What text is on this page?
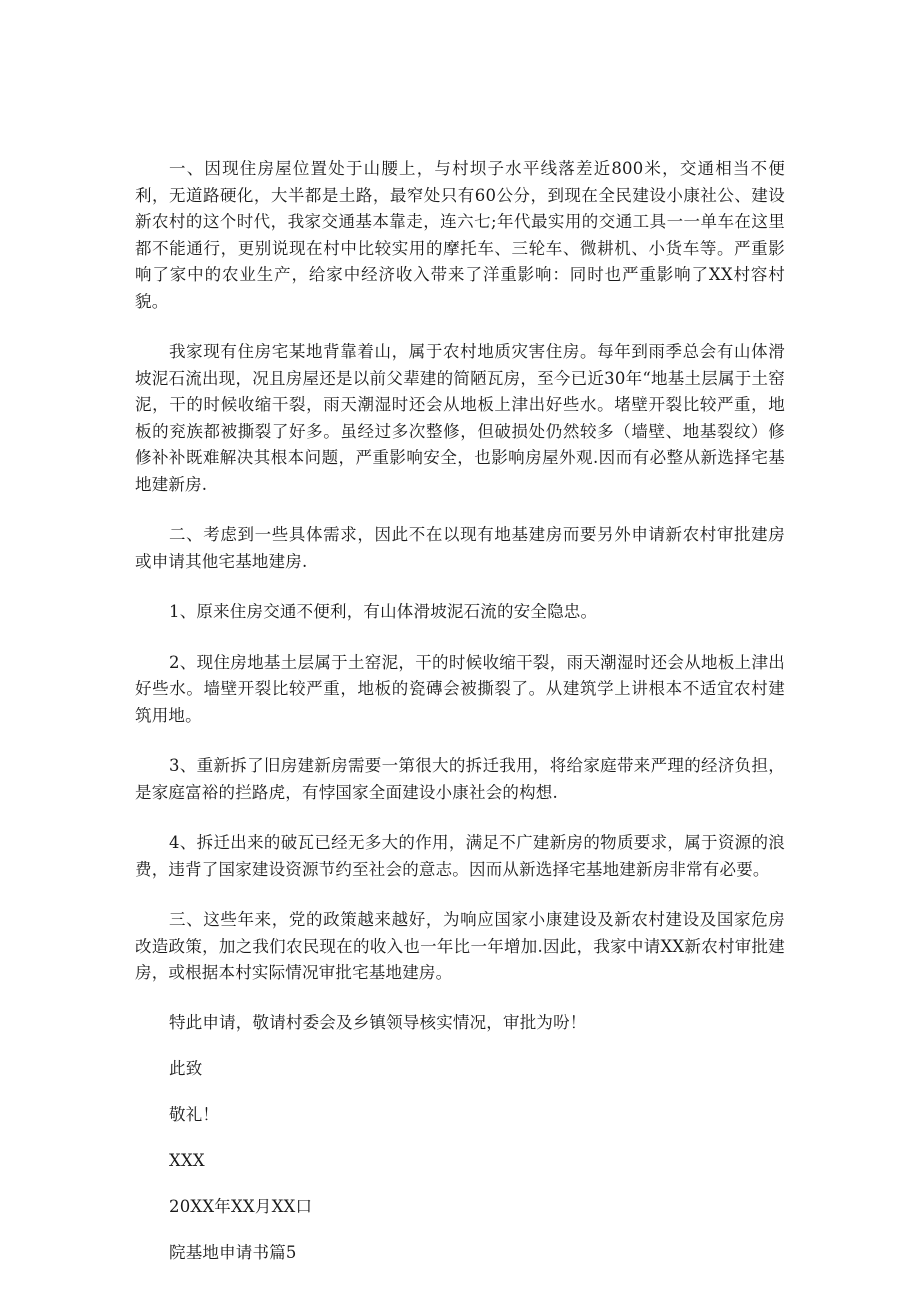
一、因现住房屋位置处于山腰上，与村坝子水平线落差近800米，交通相当不便利，无道路硬化，大半都是土路，最窄处只有60公分，到现在全民建设小康社公、建设新农村的这个时代，我家交通基本靠走，连六七;年代最实用的交通工具一一单车在这里都不能通行，更别说现在村中比较实用的摩托车、三轮车、微耕机、小货车等。严重影响了家中的农业生产，给家中经济收入带来了洋重影响：同时也严重影响了XX村容村貌。

我家现有住房宅某地背靠着山，属于农村地质灾害住房。每年到雨季总会有山体滑坡泥石流出现，况且房屋还是以前父辈建的简陋瓦房，至今已近30年“地基土层属于土窑泥，干的时候收缩干裂，雨天潮湿时还会从地板上津出好些水。堵壁开裂比较严重，地板的兖族都被撕裂了好多。虽经过多次整修，但破损处仍然较多（墙壁、地基裂纹）修修补补既难解决其根本问题，严重影响安全，也影响房屋外观.因而有必整从新选择宅基地建新房.

二、考虑到一些具体需求，因此不在以现有地基建房而要另外申请新农村审批建房或申请其他宅基地建房.

1、原来住房交通不便利，有山体滑坡泥石流的安全隐忠。

2、现住房地基土层属于土窑泥，干的时候收缩干裂，雨天潮湿时还会从地板上津出好些水。墙壁开裂比较严重，地板的瓷磚会被撕裂了。从建筑学上讲根本不适宜农村建筑用地。

3、重新拆了旧房建新房需要一第很大的拆迁我用，将给家庭带来严理的经济负担，是家庭富裕的拦路虎，有悖国家全面建设小康社会的构想.

4、拆迁出来的破瓦已经无多大的作用，满足不广建新房的物质要求，属于资源的浪费，违背了国家建设资源节约至社会的意志。因而从新选择宅基地建新房非常有必要。

三、这些年来，党的政策越来越好，为响应国家小康建设及新农村建设及国家危房改造政策，加之我们农民现在的收入也一年比一年增加.因此，我家中请XX新农村审批建房，或根据本村实际情况审批宅基地建房。

特此申请，敬请村委会及乡镇领导核实情况，审批为吩！

此致

敬礼！

XXX

20XX年XX月XX口

院基地申请书篇5
